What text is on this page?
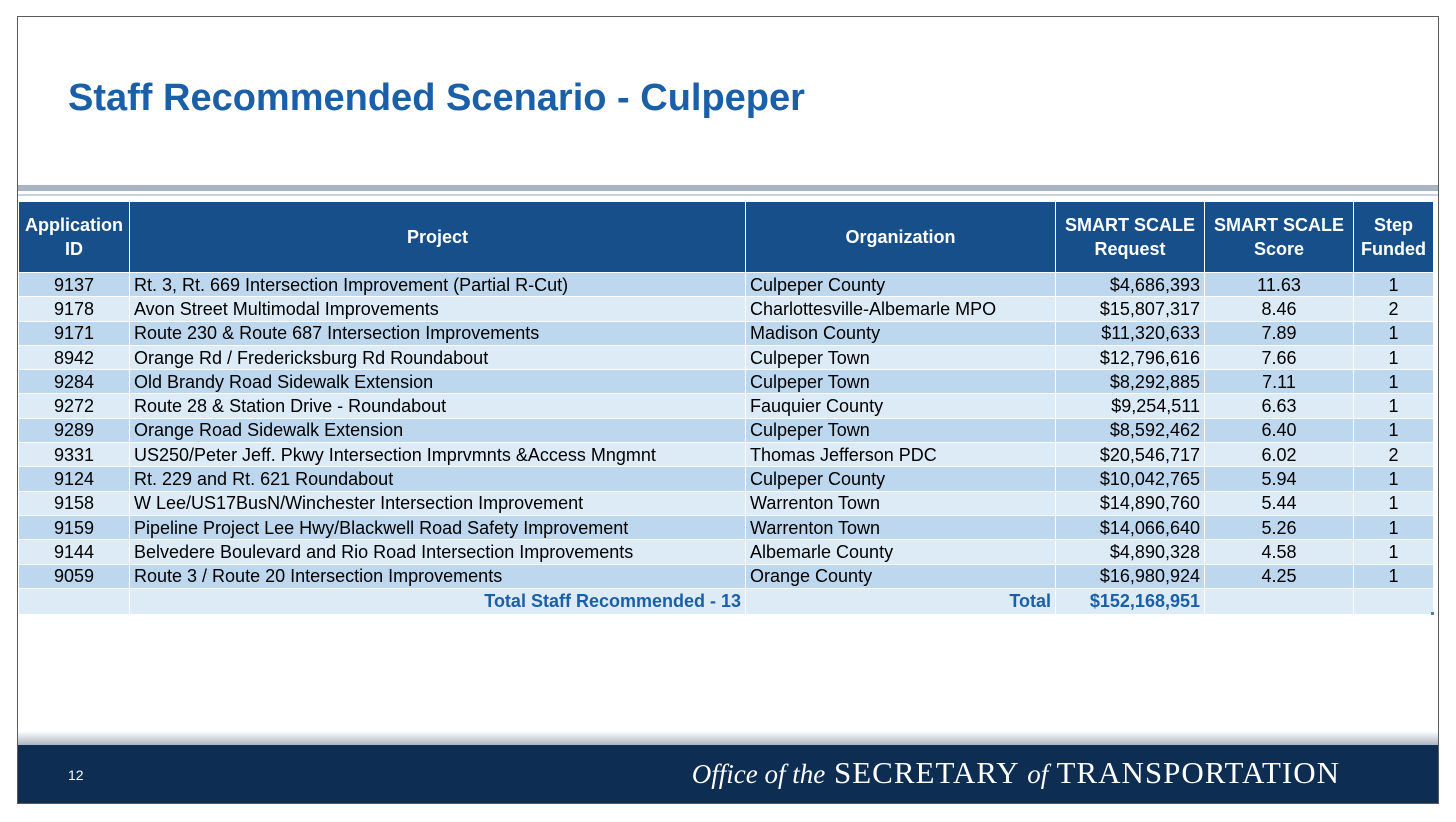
Staff Recommended Scenario - Culpeper
Application ID	Project	Organization	SMART SCALE Request	SMART SCALE Score	Step Funded
9137	Rt. 3, Rt. 669 Intersection Improvement (Partial R-Cut)	Culpeper County	$4,686,393	11.63	1
9178	Avon Street Multimodal Improvements	Charlottesville-Albemarle MPO	$15,807,317	8.46	2
9171	Route 230 & Route 687 Intersection Improvements	Madison County	$11,320,633	7.89	1
8942	Orange Rd / Fredericksburg Rd Roundabout	Culpeper Town	$12,796,616	7.66	1
9284	Old Brandy Road Sidewalk Extension	Culpeper Town	$8,292,885	7.11	1
9272	Route 28 & Station Drive - Roundabout	Fauquier County	$9,254,511	6.63	1
9289	Orange Road Sidewalk Extension	Culpeper Town	$8,592,462	6.40	1
9331	US250/Peter Jeff. Pkwy Intersection Imprvmnts &Access Mngmnt	Thomas Jefferson PDC	$20,546,717	6.02	2
9124	Rt. 229 and Rt. 621 Roundabout	Culpeper County	$10,042,765	5.94	1
9158	W Lee/US17BusN/Winchester Intersection Improvement	Warrenton Town	$14,890,760	5.44	1
9159	Pipeline Project Lee Hwy/Blackwell Road Safety Improvement	Warrenton Town	$14,066,640	5.26	1
9144	Belvedere Boulevard and Rio Road Intersection Improvements	Albemarle County	$4,890,328	4.58	1
9059	Route 3 / Route 20 Intersection Improvements	Orange County	$16,980,924	4.25	1
	Total Staff Recommended - 13	Total	$152,168,951		
12	Office of the SECRETARY of TRANSPORTATION
